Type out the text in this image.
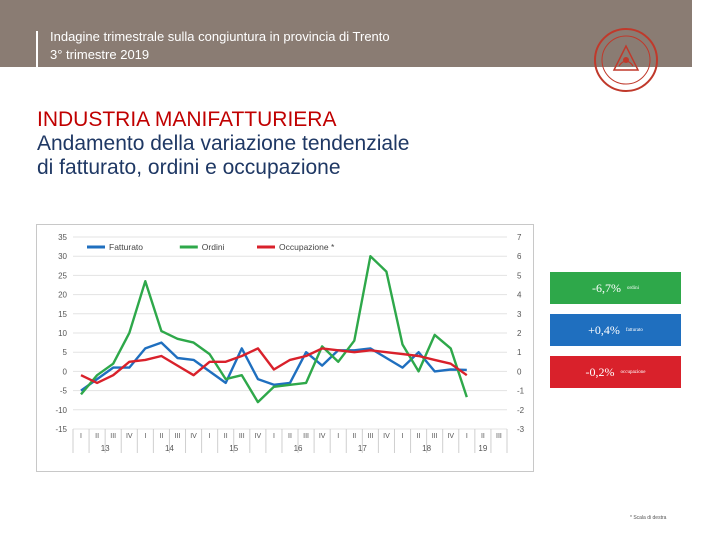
Indagine trimestrale sulla congiuntura in provincia di Trento
3° trimestre 2019
INDUSTRIA MANIFATTURIERA
Andamento della variazione tendenziale
di fatturato, ordini e occupazione
35
30
25
20
15
10
5
0
-5
-10
-15
7
6
5
4
3
2
1
0
-1
-2
-3
I II III IV I II III IV I II III IV I II III IV I II III IV I II III IV I II III
13	14	15	16	17	18	19
Fatturato	Ordini	Occupazione *
-6,7% ordini
+0,4% fatturato
-0,2% occupazione
* Scala di destra
